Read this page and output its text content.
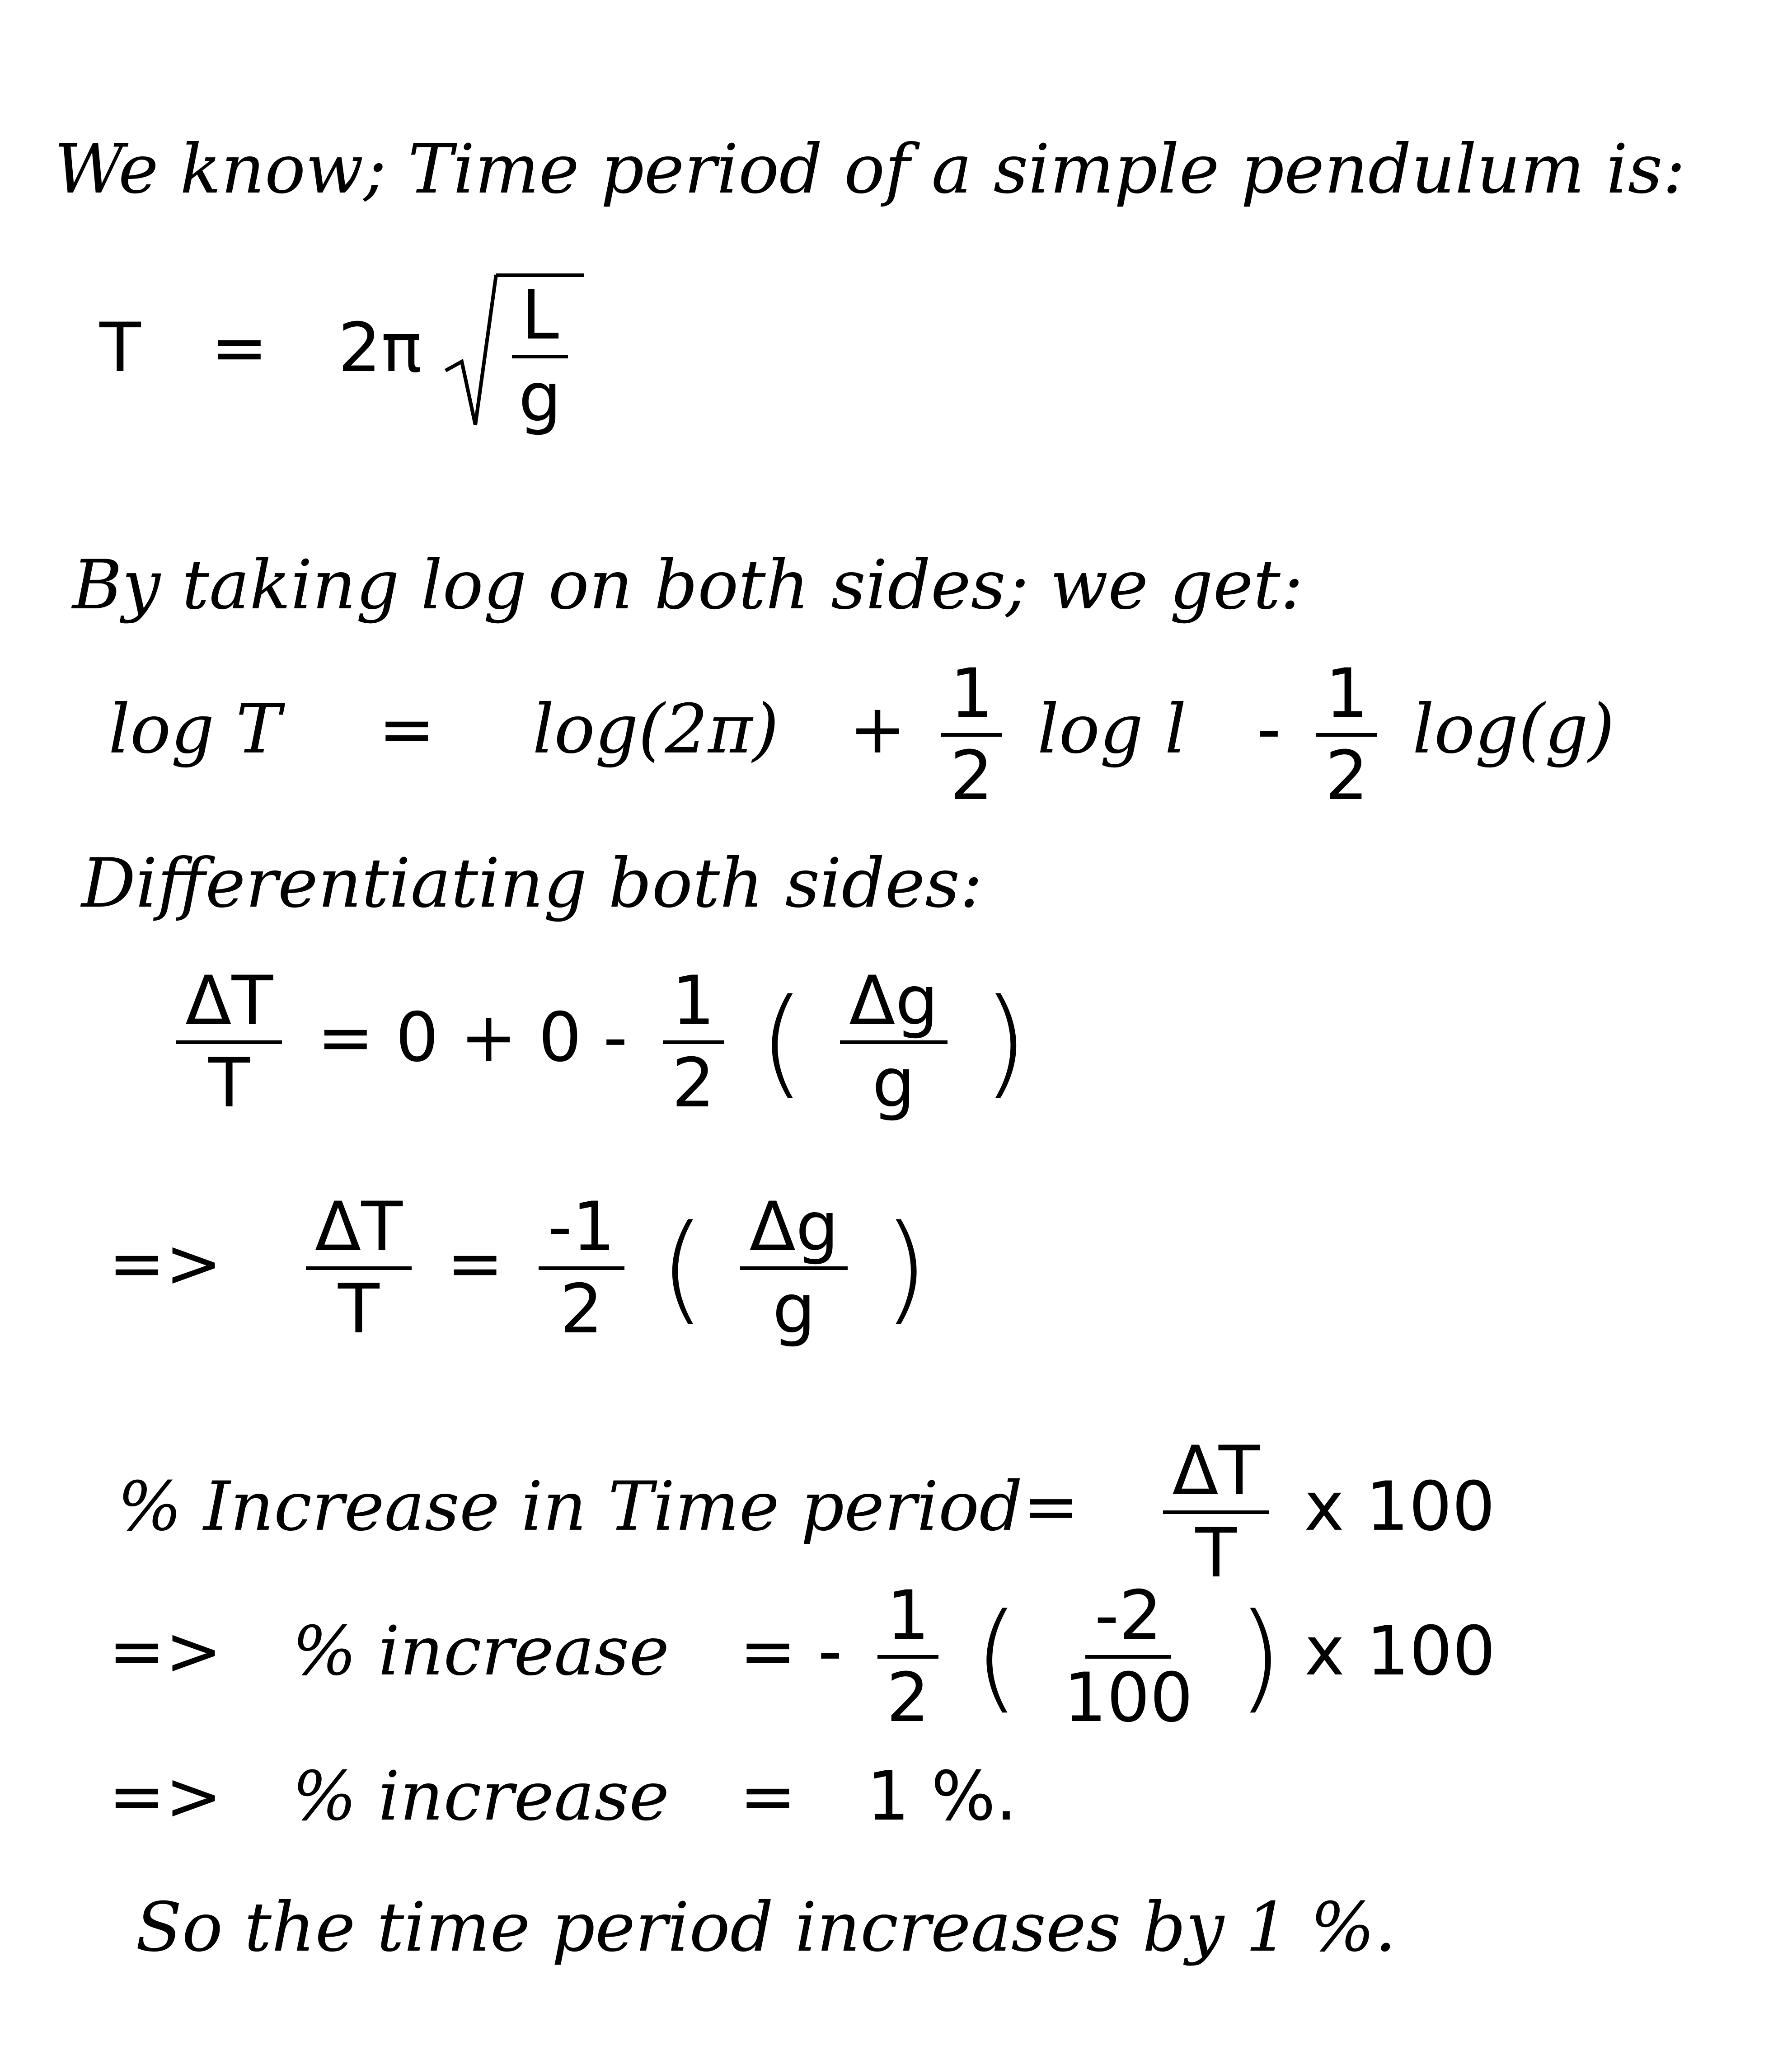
We know; Time period of a simple pendulum is:
$T = 2\pi \frac{L}{g}$
By taking log on both sides; we get:
$\log T = \log(2\pi) + \frac{1}{2}$ log l - $\frac{1}{2} \log(g)$
Differentiating both sides:
$\frac{\Delta T}{T} = 0 + 0 - \frac{1}{2}$ ( $\frac{\Delta g}{g}$ )
=> $\frac{\Delta T}{T} = \frac{-1}{2}$ ( $\frac{\Delta g}{g}$ )
% Increase in Time period= $\frac{\Delta T}{T}$ x 100
=> % increase = - $\frac{1}{2}$ ( $\frac{-2}{100}$ ) x 100
=> % increase = 1 %.
So the time period increases by 1 %.
